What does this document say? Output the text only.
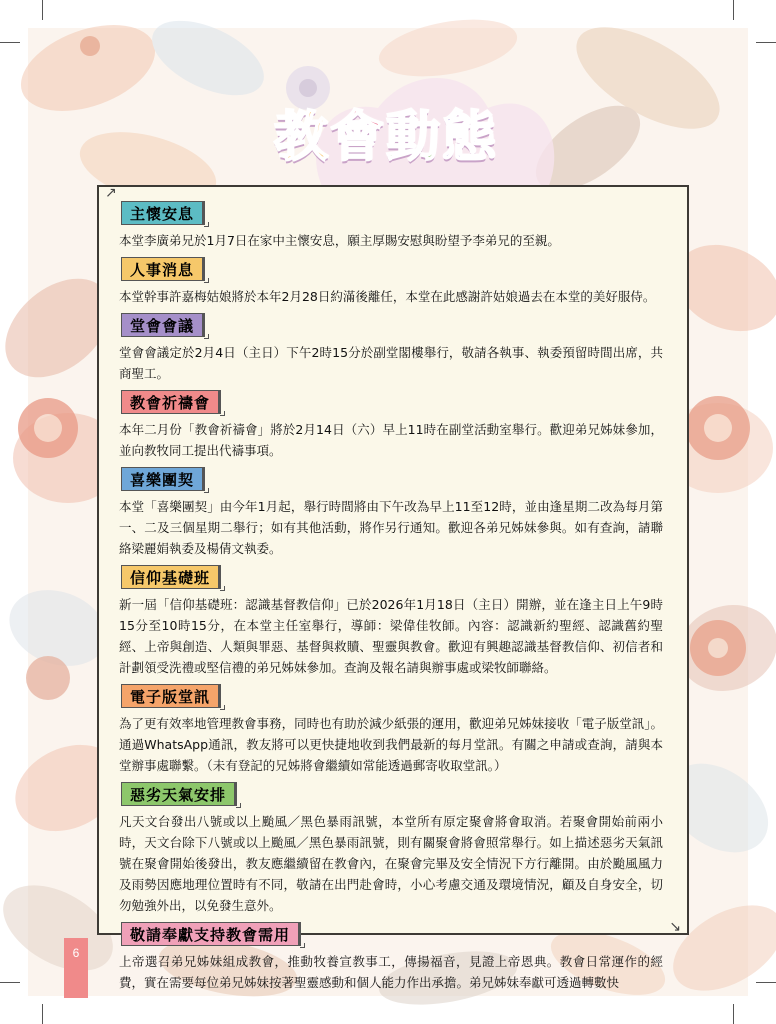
教 會 動 態
↗
↘
主懷安息

本堂李廣弟兄於1月7日在家中主懷安息，願主厚賜安慰與盼望予李弟兄的至親。

人事消息

本堂幹事許嘉梅姑娘將於本年2月28日約滿後離任，本堂在此感謝許姑娘過去在本堂的美好服侍。

堂會會議

堂會會議定於2月4日（主日）下午2時15分於副堂閣樓舉行，敬請各執事、執委預留時間出席，共商聖工。

教會祈禱會

本年二月份「教會祈禱會」將於2月14日（六）早上11時在副堂活動室舉行。歡迎弟兄姊妹參加，並向教牧同工提出代禱事項。

喜樂團契

本堂「喜樂團契」由今年1月起，舉行時間將由下午改為早上11至12時，並由逢星期二改為每月第一、二及三個星期二舉行；如有其他活動，將作另行通知。歡迎各弟兄姊妹參與。如有查詢，請聯絡梁麗娟執委及楊倩文執委。

信仰基礎班

新一屆「信仰基礎班：認識基督教信仰」已於2026年1月18日（主日）開辦，並在逢主日上午9時15分至10時15分，在本堂主任室舉行，導師：梁偉佳牧師。內容：認識新約聖經、認識舊約聖經、上帝與創造、人類與罪惡、基督與救贖、聖靈與教會。歡迎有興趣認識基督教信仰、初信者和計劃領受洗禮或堅信禮的弟兄姊妹參加。查詢及報名請與辦事處或梁牧師聯絡。

電子版堂訊

為了更有效率地管理教會事務，同時也有助於減少紙張的運用，歡迎弟兄姊妹接收「電子版堂訊」。通過WhatsApp通訊，教友將可以更快捷地收到我們最新的每月堂訊。有關之申請或查詢，請與本堂辦事處聯繫。（未有登記的兄姊將會繼續如常能透過郵寄收取堂訊。）

惡劣天氣安排

凡天文台發出八號或以上颱風／黑色暴雨訊號，本堂所有原定聚會將會取消。若聚會開始前兩小時，天文台除下八號或以上颱風／黑色暴雨訊號，則有關聚會將會照常舉行。如上描述惡劣天氣訊號在聚會開始後發出，教友應繼續留在教會內，在聚會完畢及安全情況下方行離開。由於颱風風力及雨勢因應地理位置時有不同，敬請在出門赴會時，小心考慮交通及環境情況，顧及自身安全，切勿勉強外出，以免發生意外。

敬請奉獻支持教會需用

上帝選召弟兄姊妹組成教會，推動牧養宣教事工，傳揚福音，見證上帝恩典。教會日常運作的經費，實在需要每位弟兄姊妹按著聖靈感動和個人能力作出承擔。弟兄姊妹奉獻可透過轉數快

6
